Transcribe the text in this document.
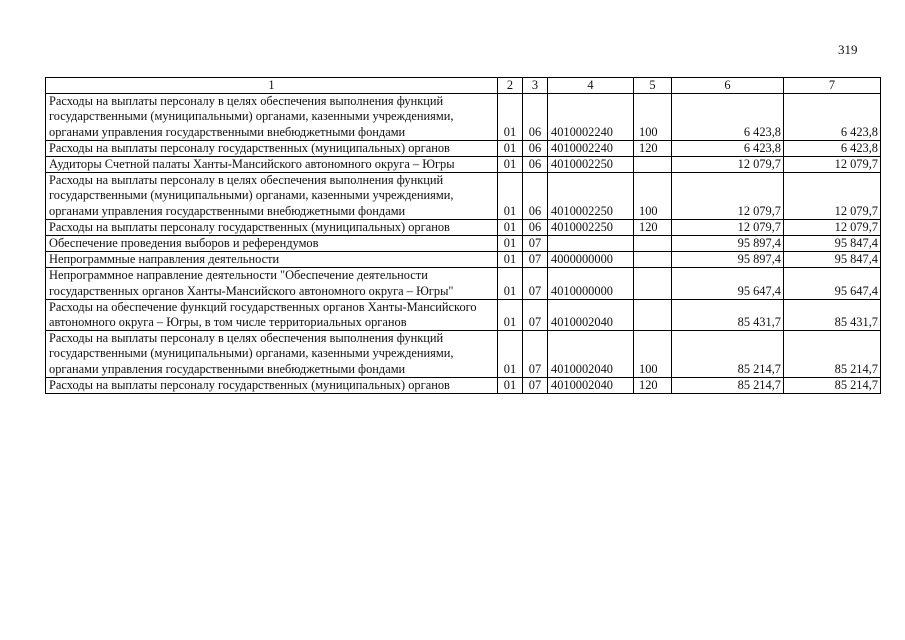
319
1	2	3	4	5	6	7
Расходы на выплаты персоналу в целях обеспечения выполнения функций государственными (муниципальными) органами, казенными учреждениями, органами управления государственными внебюджетными фондами	01	06	4010002240	100	6 423,8	6 423,8
Расходы на выплаты персоналу государственных (муниципальных) органов	01	06	4010002240	120	6 423,8	6 423,8
Аудиторы Счетной палаты Ханты-Мансийского автономного округа – Югры	01	06	4010002250		12 079,7	12 079,7
Расходы на выплаты персоналу в целях обеспечения выполнения функций государственными (муниципальными) органами, казенными учреждениями, органами управления государственными внебюджетными фондами	01	06	4010002250	100	12 079,7	12 079,7
Расходы на выплаты персоналу государственных (муниципальных) органов	01	06	4010002250	120	12 079,7	12 079,7
Обеспечение проведения выборов и референдумов	01	07			95 897,4	95 847,4
Непрограммные направления деятельности	01	07	4000000000		95 897,4	95 847,4
Непрограммное направление деятельности "Обеспечение деятельности государственных органов Ханты-Мансийского автономного округа – Югры"	01	07	4010000000		95 647,4	95 647,4
Расходы на обеспечение функций государственных органов Ханты-Мансийского автономного округа – Югры, в том числе территориальных органов	01	07	4010002040		85 431,7	85 431,7
Расходы на выплаты персоналу в целях обеспечения выполнения функций государственными (муниципальными) органами, казенными учреждениями, органами управления государственными внебюджетными фондами	01	07	4010002040	100	85 214,7	85 214,7
Расходы на выплаты персоналу государственных (муниципальных) органов	01	07	4010002040	120	85 214,7	85 214,7
